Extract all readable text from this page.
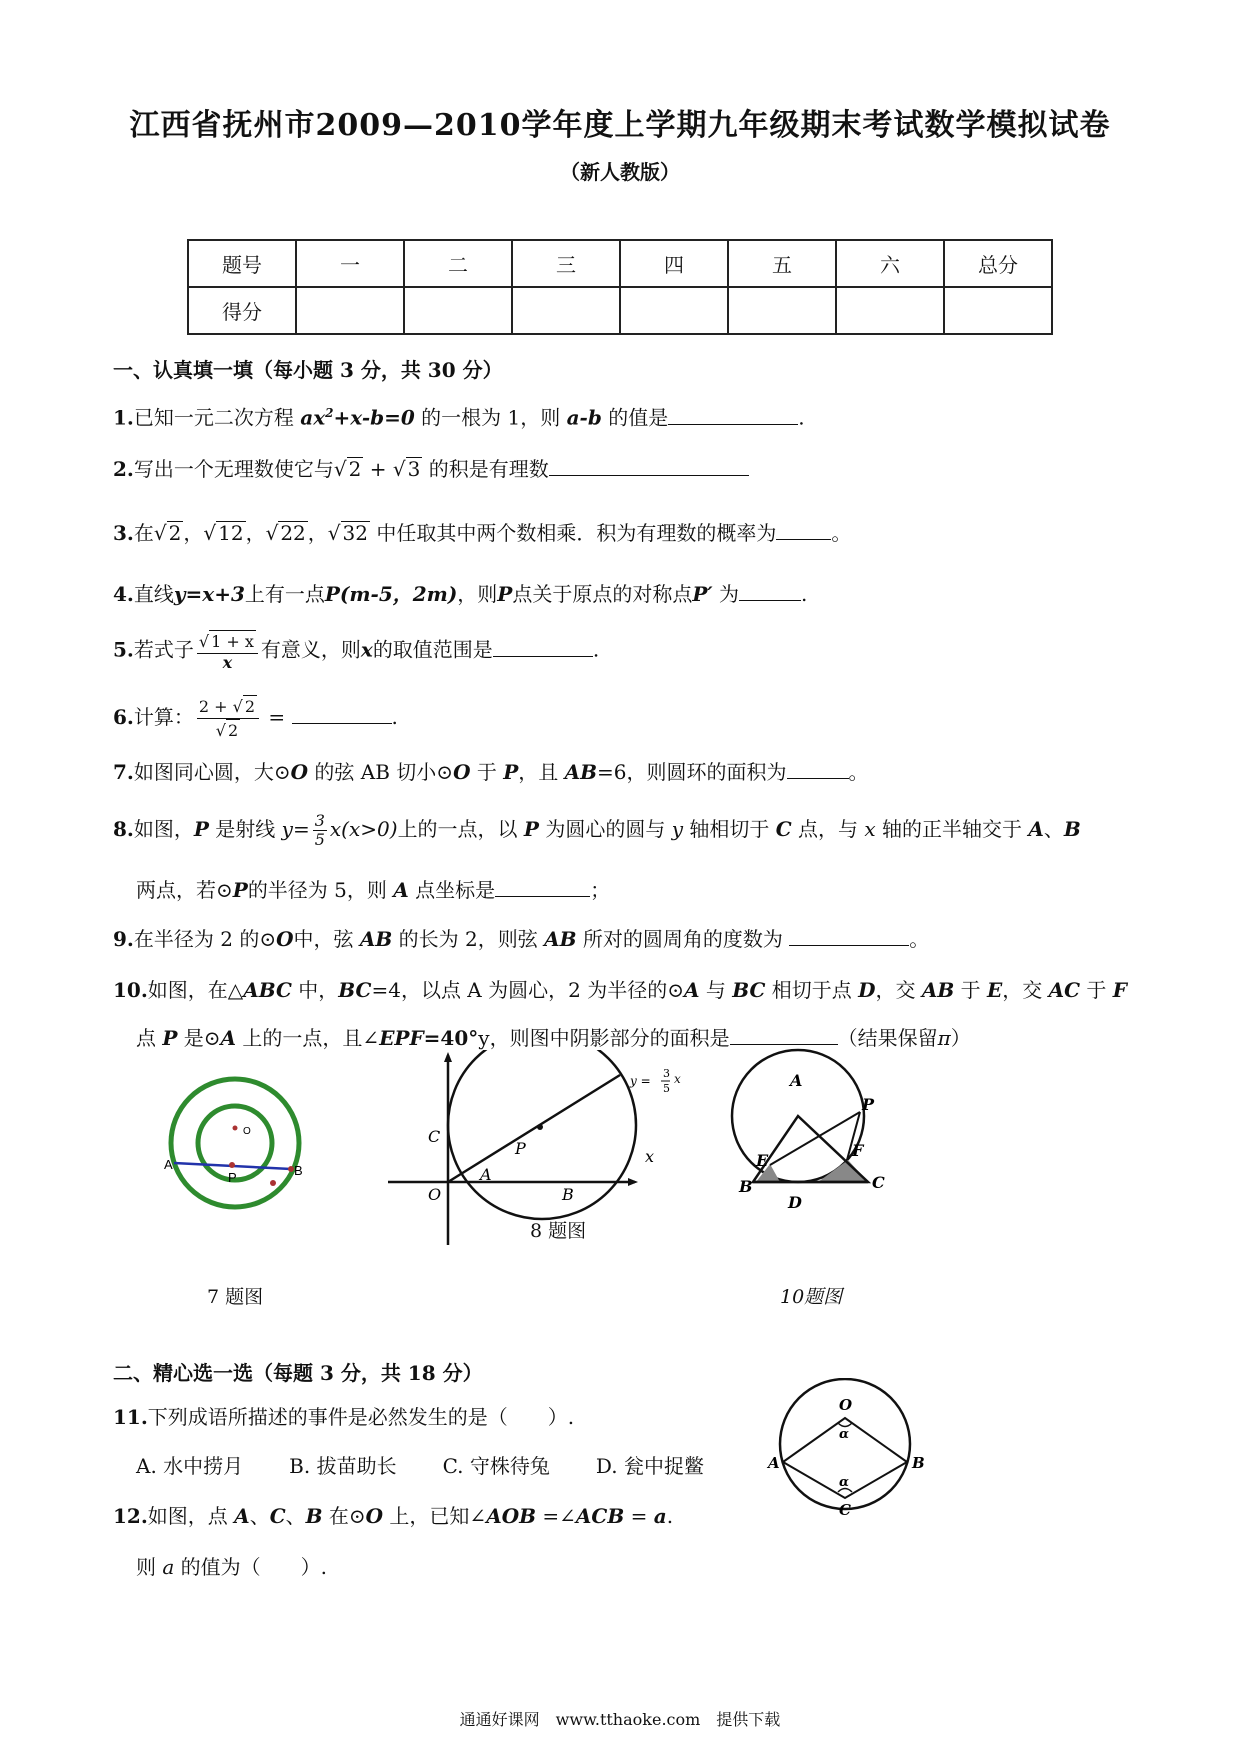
江西省抚州市2009—2010学年度上学期九年级期末考试数学模拟试卷
（新人教版）
题号	一	二	三	四	五	六	总分
得分							
一、认真填一填（每小题 3 分，共 30 分）
1.已知一元二次方程 $ax^2+x-b=0$ 的一根为 1，则 a-b 的值是	.
2.写出一个无理数使它与√ 2 + √ 3 的积是有理数
3.在√ 2 ，√ 12 ，√ 22 ，√ 32 中任取其中两个数相乘．积为有理数的概率为	。
4.直线y=x+3上有一点P(m-5，2m)，则P点关于原点的对称点P′ 为	.
5.若式子 $\frac{√ 1 + x}{x}$ 有意义，则x的取值范围是	.
6.计算： $\frac{2 + √ 2}{√ 2}$ =	.
7.如图同心圆，大⊙O 的弦 AB 切小⊙O 于 P，且 AB=6，则圆环的面积为	。
8.如图，P 是射线 $y= \frac{3}{5} x(x>0)$上的一点，以 P 为圆心的圆与 y 轴相切于 C 点，与 x 轴的正半轴交于 A、B
两点，若⊙P的半径为 5，则 A 点坐标是	；
9.在半径为 2 的⊙O中，弦 AB 的长为 2，则弦 AB 所对的圆周角的度数为	。
10.如图，在△ABC 中，BC=4，以点 A 为圆心，2 为半径的⊙A 与 BC 相切于点 D，交 AB 于 E，交 AC 于 F
点 P 是⊙A 上的一点，且∠EPF=40°y，则图中阴影部分的面积是	（结果保留π）
O
A
P	B
7 题图
C
P
O
A
B
x
y =
3
5
x
8 题图
A
P
E
F
B	C
D
10题图
二、精心选一选（每题 3 分，共 18 分）
11.下列成语所描述的事件是必然发生的是（　　）.
A. 水中捞月 B. 拔苗助长 C. 守株待兔 D. 瓮中捉鳖
O
α
α
A	B
C
12.如图，点 A、C、B 在⊙O 上，已知∠AOB =∠ACB = a.
则 a 的值为（　　）.
通通好课网　www.tthaoke.com　提供下载
